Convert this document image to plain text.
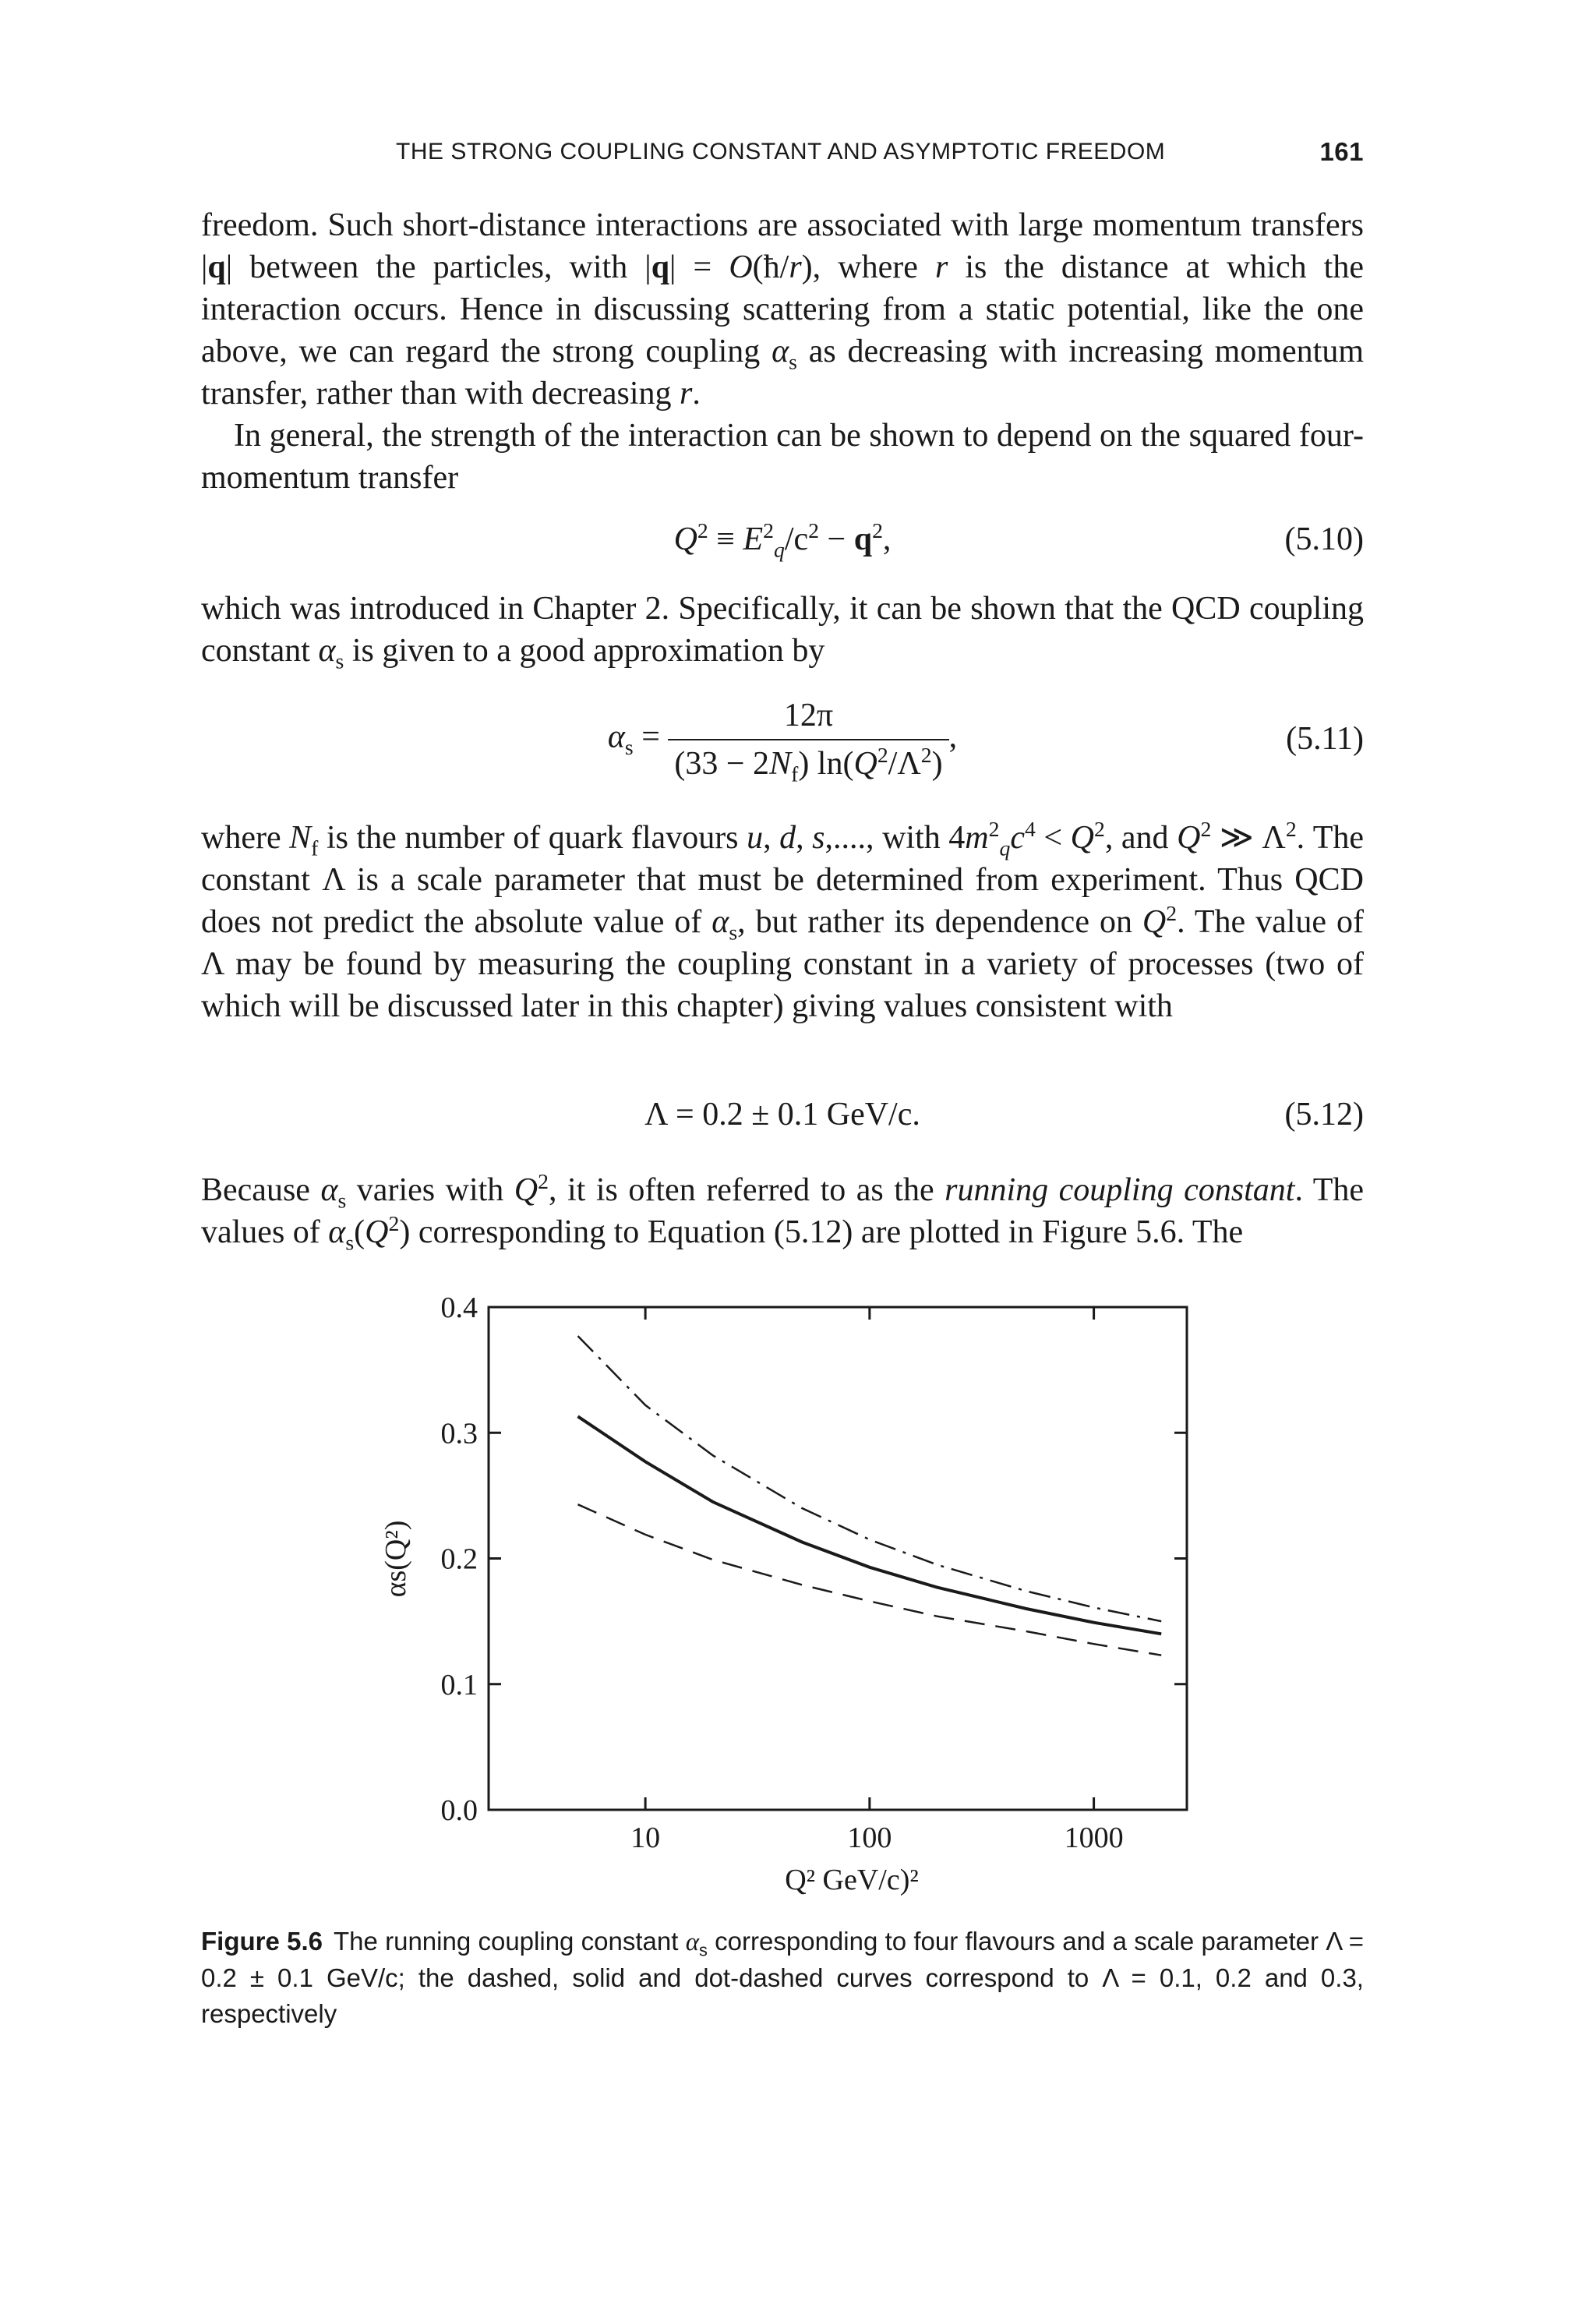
THE STRONG COUPLING CONSTANT AND ASYMPTOTIC FREEDOM	161

freedom. Such short-distance interactions are associated with large momentum transfers |q| between the particles, with |q| = O(ħ/r), where r is the distance at which the interaction occurs. Hence in discussing scattering from a static potential, like the one above, we can regard the strong coupling $\alpha_s$ as decreasing with increasing momentum transfer, rather than with decreasing r.

In general, the strength of the interaction can be shown to depend on the squared four-momentum transfer

$Q^2 \equiv E^2_q/c^2 - q^2$,	(5.10)

which was introduced in Chapter 2. Specifically, it can be shown that the QCD coupling constant $\alpha_s$ is given to a good approximation by

$\alpha_s = \frac{12\pi}{(33 - 2N_f) \ln(Q^2/\Lambda^2)}$ ,	(5.11)

where $N_f$ is the number of quark flavours u, d, s,...., with $4m^2_qc^4 < Q^2$, and $Q^2$ ≫ $\Lambda^2$. The constant Λ is a scale parameter that must be determined from experiment. Thus QCD does not predict the absolute value of $\alpha_s$, but rather its dependence on $Q^2$. The value of Λ may be found by measuring the coupling constant in a variety of processes (two of which will be discussed later in this chapter) giving values consistent with

Λ = 0.2 ± 0.1 GeV/c.	(5.12)

Because $\alpha_s$ varies with $Q^2$, it is often referred to as the running coupling constant. The values of $\alpha_s(Q^2)$ corresponding to Equation (5.12) are plotted in Figure 5.6. The

0.0
0.1
0.2
0.3
0.4
10	100	1000
αs(Q²)
Q² GeV/c)²
Figure 5.6 The running coupling constant $\alpha_s$ corresponding to four flavours and a scale parameter Λ = 0.2 ± 0.1 GeV/c; the dashed, solid and dot-dashed curves correspond to Λ = 0.1, 0.2 and 0.3, respectively
